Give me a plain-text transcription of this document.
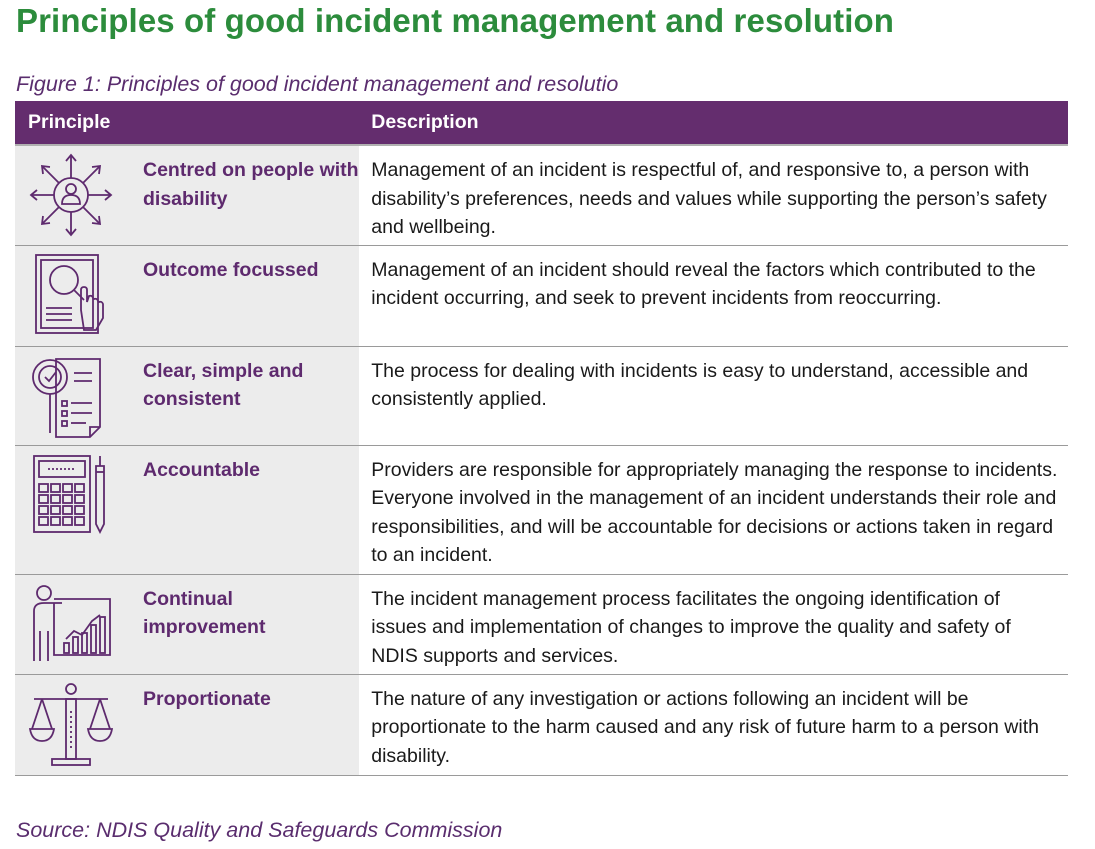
Principles of good incident management and resolution
Figure 1: Principles of good incident management and resolutio
Principle	Description

Centred on people with disability	Management of an incident is respectful of, and responsive to, a person with disability’s preferences, needs and values while supporting the person’s safety and wellbeing.

Outcome focussed	Management of an incident should reveal the factors which contributed to the incident occurring, and seek to prevent incidents from reoccurring.

Clear, simple and consistent	The process for dealing with incidents is easy to understand, accessible and consistently applied.

Accountable	Providers are responsible for appropriately managing the response to incidents. Everyone involved in the management of an incident understands their role and responsibilities, and will be accountable for decisions or actions taken in regard to an incident.

Continual improvement	The incident management process facilitates the ongoing identification of issues and implementation of changes to improve the quality and safety of NDIS supports and services.

Proportionate	The nature of any investigation or actions following an incident will be proportionate to the harm caused and any risk of future harm to a person with disability.
Source: NDIS Quality and Safeguards Commission
